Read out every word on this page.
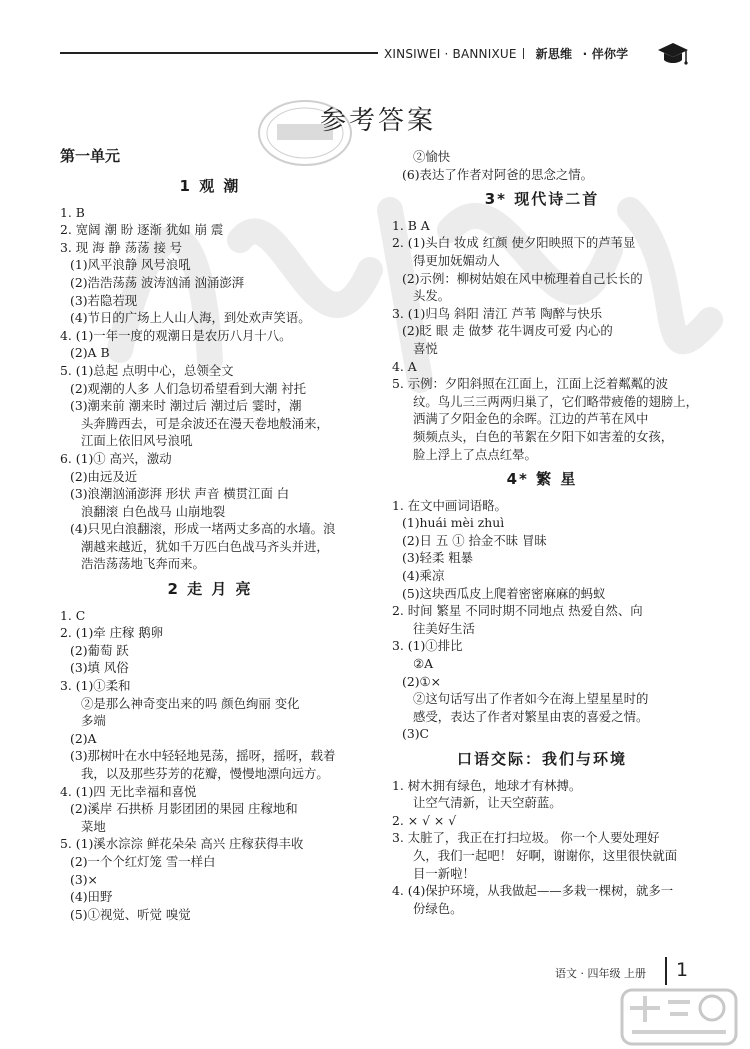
XINSIWEI · BANNIXUE 新思维 · 伴你学
参考答案
第一单元
1 观 潮
1. B
2. 宽阔 潮 盼 逐渐 犹如 崩 震
3. 现 海 静 荡荡 接 号
(1)风平浪静 风号浪吼
(2)浩浩荡荡 波涛汹涌 汹涌澎湃
(3)若隐若现
(4)节日的广场上人山人海，到处欢声笑语。
4. (1)一年一度的观潮日是农历八月十八。
(2)A B
5. (1)总起 点明中心，总领全文
(2)观潮的人多 人们急切希望看到大潮 衬托
(3)潮来前 潮来时 潮过后 潮过后 霎时，潮
头奔腾西去，可是余波还在漫天卷地般涌来，
江面上依旧风号浪吼
6. (1)① 高兴，激动
(2)由远及近
(3)浪潮汹涌澎湃 形状 声音 横贯江面 白
浪翻滚 白色战马 山崩地裂
(4)只见白浪翻滚，形成一堵两丈多高的水墙。浪
潮越来越近，犹如千万匹白色战马齐头并进，
浩浩荡荡地飞奔而来。
2 走 月 亮
1. C
2. (1)牵 庄稼 鹅卵
(2)葡萄 跃
(3)填 风俗
3. (1)①柔和
②是那么神奇变出来的吗 颜色绚丽 变化
多端
(2)A
(3)那树叶在水中轻轻地晃荡，摇呀，摇呀，载着
我，以及那些芬芳的花瓣，慢慢地漂向远方。
4. (1)四 无比幸福和喜悦
(2)溪岸 石拱桥 月影团团的果园 庄稼地和
菜地
5. (1)溪水淙淙 鲜花朵朵 高兴 庄稼获得丰收
(2)一个个红灯笼 雪一样白
(3)×
(4)田野
(5)①视觉、听觉 嗅觉
②愉快
(6)表达了作者对阿爸的思念之情。
3* 现代诗二首
1. B A
2. (1)头白 妆成 红颜 使夕阳映照下的芦苇显
得更加妩媚动人
(2)示例：柳树姑娘在风中梳理着自己长长的
头发。
3. (1)归鸟 斜阳 清江 芦苇 陶醉与快乐
(2)眨 眼 走 做梦 花牛调皮可爱 内心的
喜悦
4. A
5. 示例：夕阳斜照在江面上，江面上泛着粼粼的波
纹。鸟儿三三两两归巢了，它们略带疲倦的翅膀上，
洒满了夕阳金色的余晖。江边的芦苇在风中
频频点头，白色的苇絮在夕阳下如害羞的女孩，
脸上浮上了点点红晕。
4* 繁 星
1. 在文中画词语略。
(1)huái mèi zhuì
(2)日 五 ① 拾金不昧 冒昧
(3)轻柔 粗暴
(4)乘凉
(5)这块西瓜皮上爬着密密麻麻的蚂蚁
2. 时间 繁星 不同时期不同地点 热爱自然、向
往美好生活
3. (1)①排比
②A
(2)①×
②这句话写出了作者如今在海上望星星时的
感受，表达了作者对繁星由衷的喜爱之情。
(3)C
口语交际：我们与环境
1. 树木拥有绿色，地球才有林搏。
让空气清新，让天空蔚蓝。
2. × √ × √
3. 太脏了，我正在打扫垃圾。 你一个人要处理好
久，我们一起吧！ 好啊，谢谢你，这里很快就面
目一新啦！
4. (4)保护环境，从我做起——多栽一棵树，就多一
份绿色。
语文 · 四年级 上册 1
